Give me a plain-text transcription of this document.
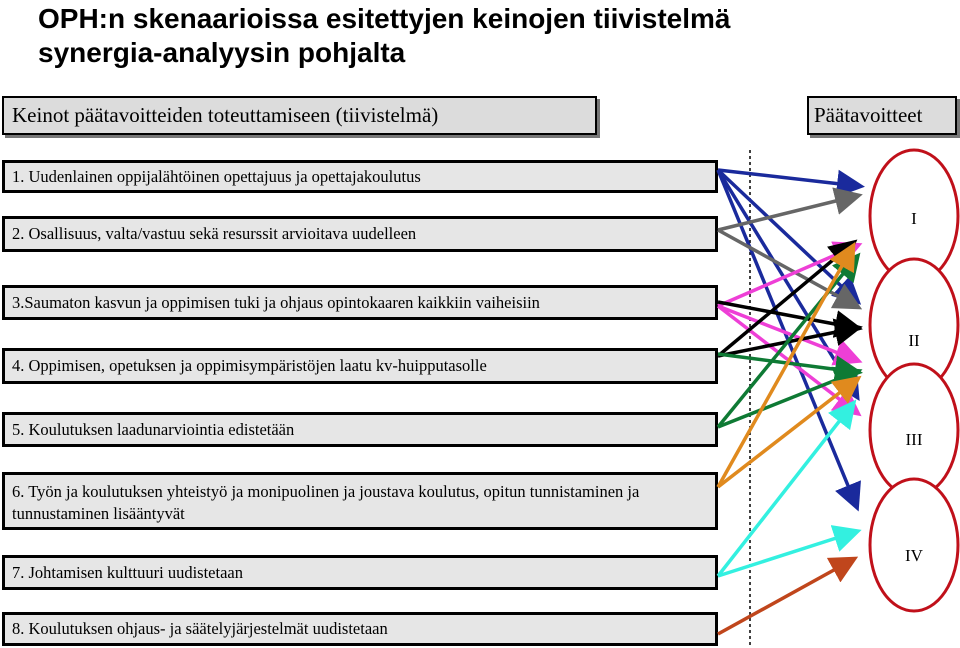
OPH:n skenaarioissa esitettyjen keinojen tiivistelmä
synergia-analyysin pohjalta
Keinot päätavoitteiden toteuttamiseen (tiivistelmä)	Päätavoitteet
1. Uudenlainen oppijalähtöinen opettajuus ja opettajakoulutus
2. Osallisuus, valta/vastuu sekä resurssit arvioitava uudelleen
3.Saumaton kasvun ja oppimisen tuki ja ohjaus opintokaaren kaikkiin vaiheisiin
4. Oppimisen, opetuksen ja oppimisympäristöjen laatu kv-huipputasolle
5. Koulutuksen laadunarviointia edistetään
6. Työn ja koulutuksen yhteistyö ja monipuolinen ja joustava koulutus, opitun tunnistaminen ja tunnustaminen lisääntyvät
7. Johtamisen kulttuuri uudistetaan
8. Koulutuksen ohjaus- ja säätelyjärjestelmät uudistetaan
I
II
III
IV
